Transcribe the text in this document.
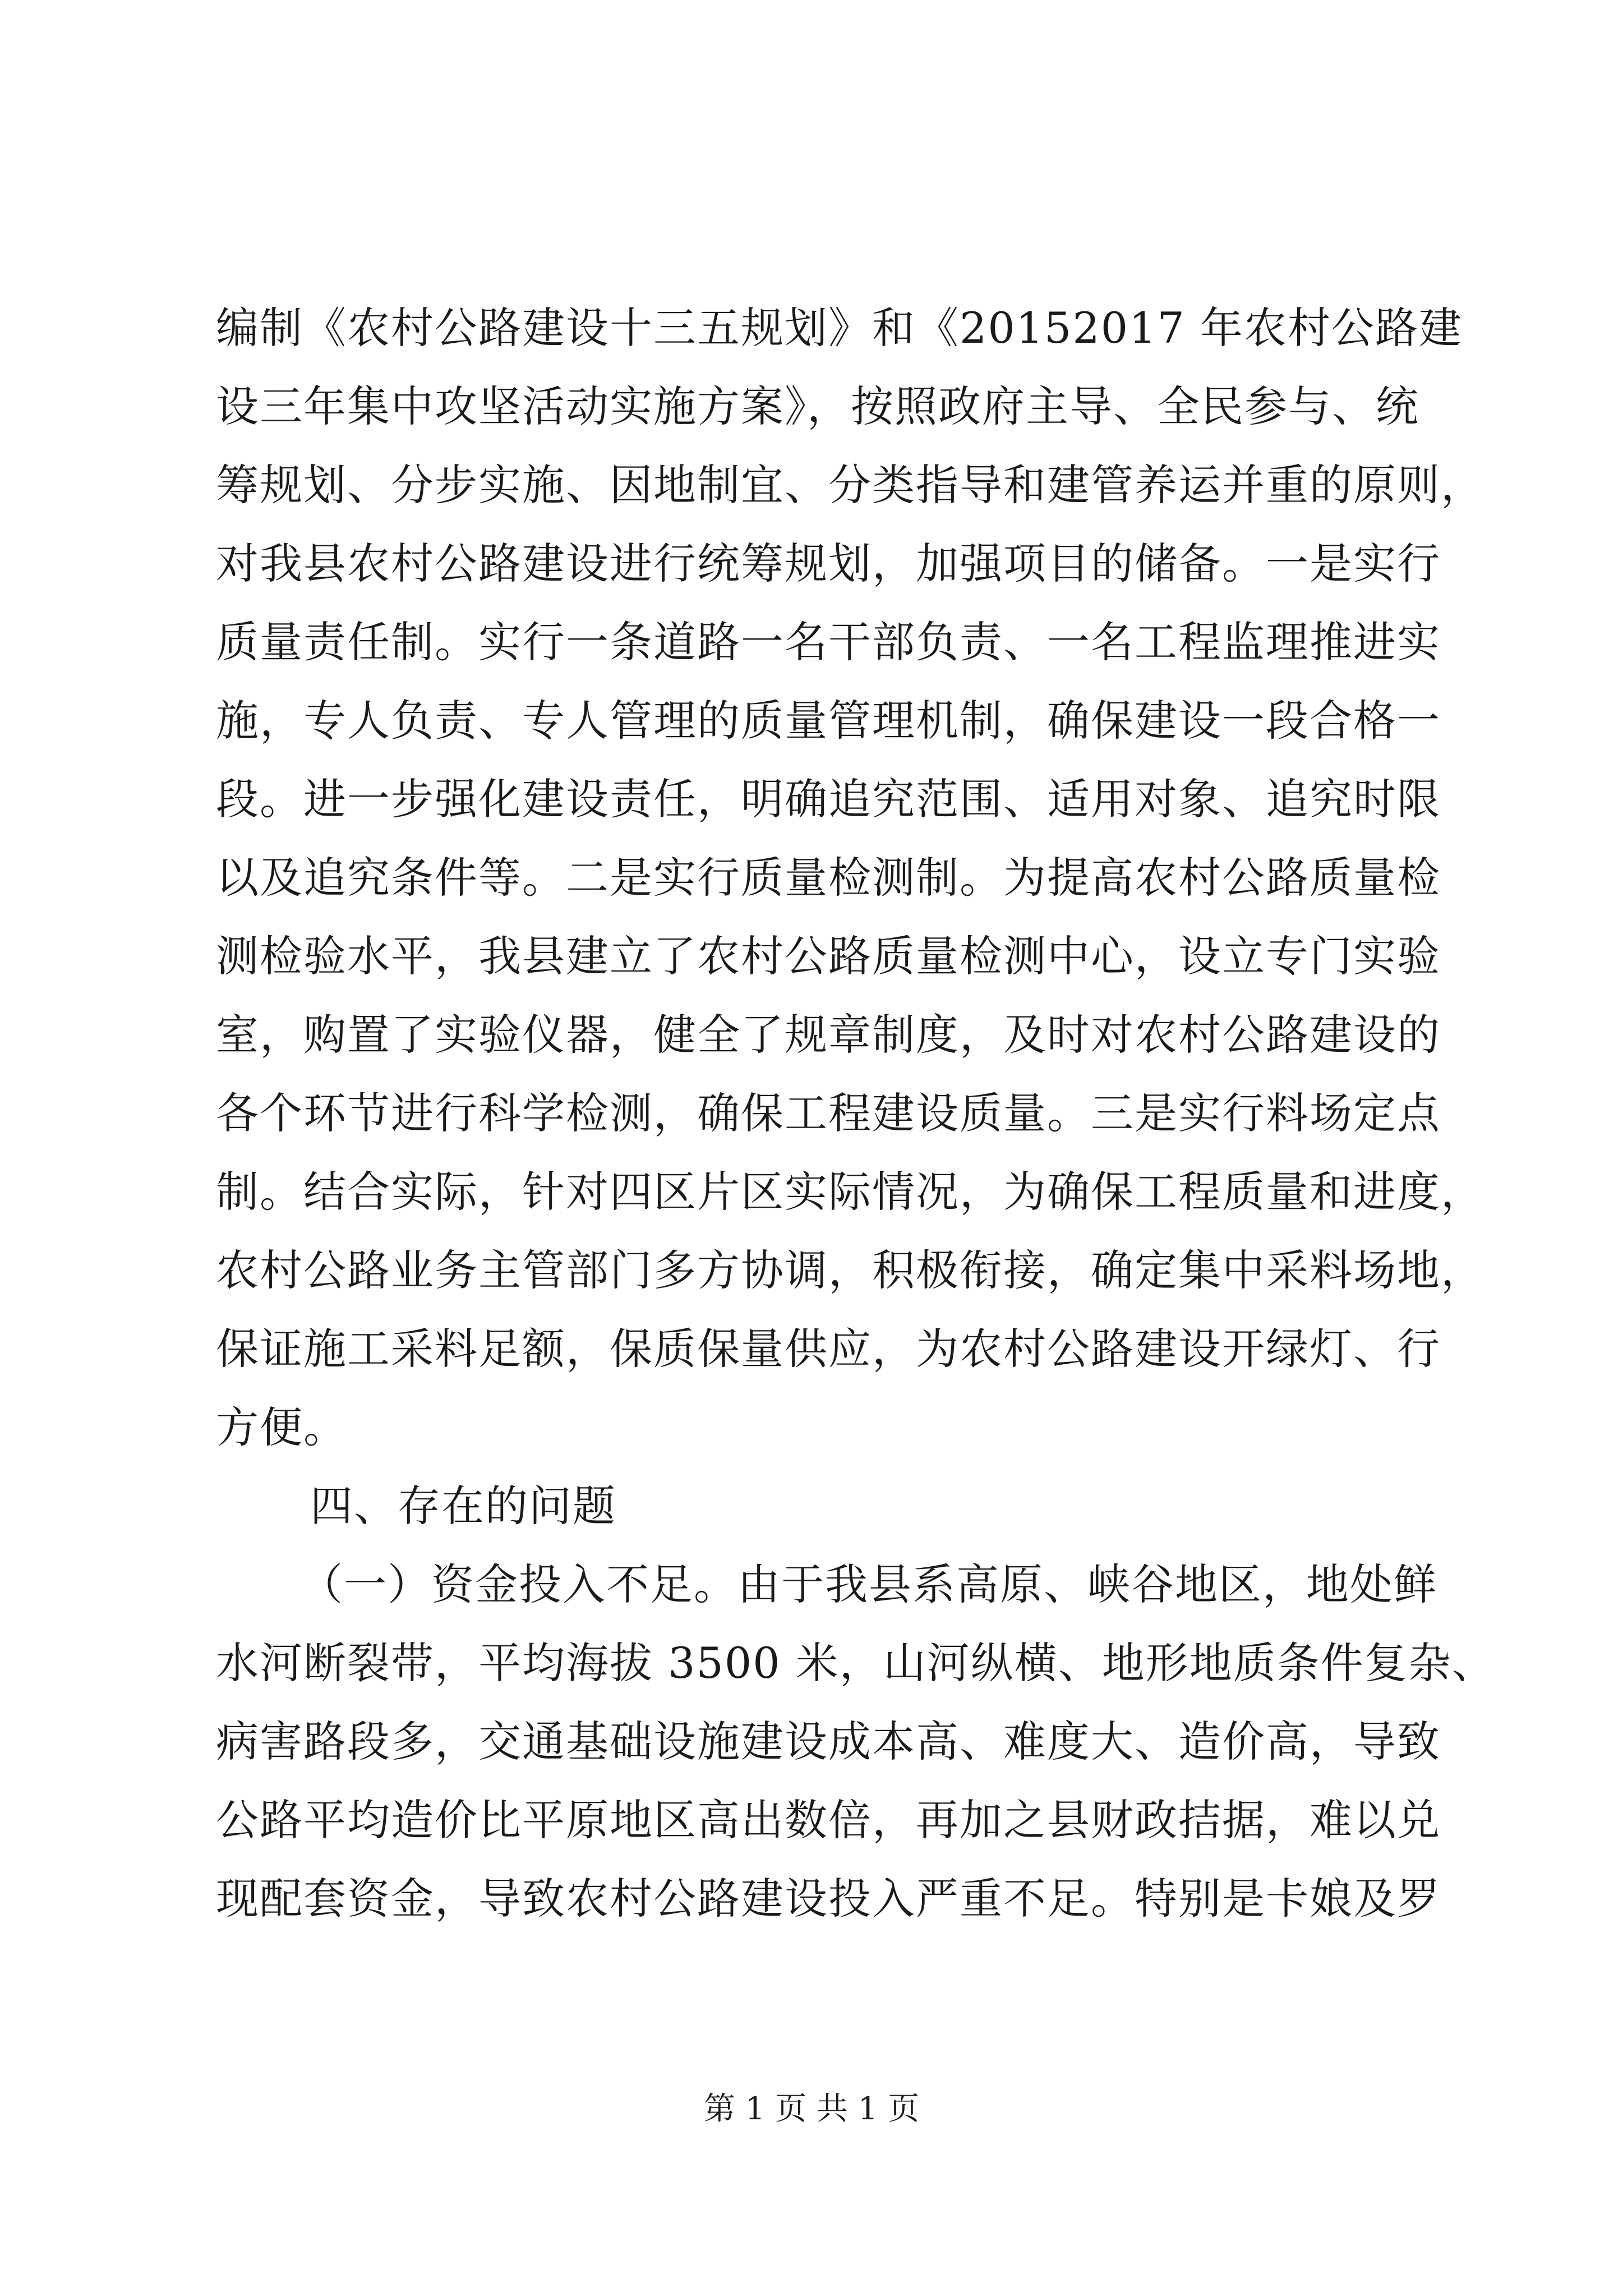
编制《农村公路建设十三五规划》和《20152017 年农村公路建
设三年集中攻坚活动实施方案》，按照政府主导、全民参与、统
筹规划、分步实施、因地制宜、分类指导和建管养运并重的原则，
对我县农村公路建设进行统筹规划，加强项目的储备。一是实行
质量责任制。实行一条道路一名干部负责、一名工程监理推进实
施，专人负责、专人管理的质量管理机制，确保建设一段合格一
段。进一步强化建设责任，明确追究范围、适用对象、追究时限
以及追究条件等。二是实行质量检测制。为提高农村公路质量检
测检验水平，我县建立了农村公路质量检测中心，设立专门实验
室，购置了实验仪器，健全了规章制度，及时对农村公路建设的
各个环节进行科学检测，确保工程建设质量。三是实行料场定点
制。结合实际，针对四区片区实际情况，为确保工程质量和进度，
农村公路业务主管部门多方协调，积极衔接，确定集中采料场地，
保证施工采料足额，保质保量供应，为农村公路建设开绿灯、行
方便。
四、存在的问题
（一）资金投入不足。由于我县系高原、峡谷地区，地处鲜
水河断裂带，平均海拔 3500 米，山河纵横、地形地质条件复杂、
病害路段多，交通基础设施建设成本高、难度大、造价高，导致
公路平均造价比平原地区高出数倍，再加之县财政拮据，难以兑
现配套资金，导致农村公路建设投入严重不足。特别是卡娘及罗
第 1 页 共 1 页
